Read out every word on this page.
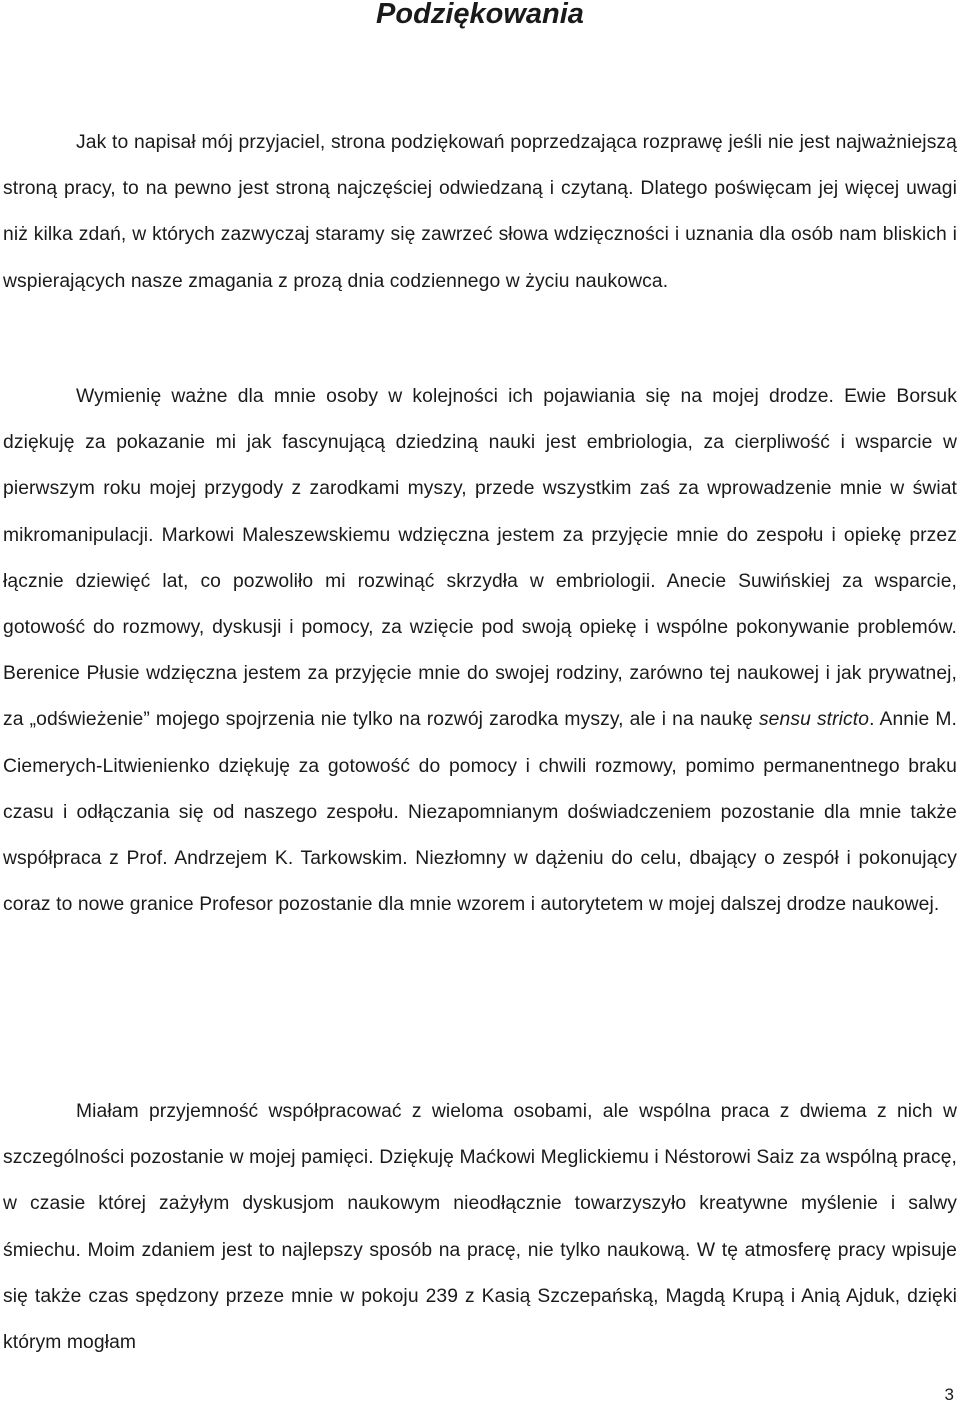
Podziękowania

Jak to napisał mój przyjaciel, strona podziękowań poprzedzająca rozprawę jeśli nie jest najważniejszą stroną pracy, to na pewno jest stroną najczęściej odwiedzaną i czytaną. Dlatego poświęcam jej więcej uwagi niż kilka zdań, w których zazwyczaj staramy się zawrzeć słowa wdzięczności i uznania dla osób nam bliskich i wspierających nasze zmagania z prozą dnia codziennego w życiu naukowca.

Wymienię ważne dla mnie osoby w kolejności ich pojawiania się na mojej drodze. Ewie Borsuk dziękuję za pokazanie mi jak fascynującą dziedziną nauki jest embriologia, za cierpliwość i wsparcie w pierwszym roku mojej przygody z zarodkami myszy, przede wszystkim zaś za wprowadzenie mnie w świat mikromanipulacji. Markowi Maleszewskiemu wdzięczna jestem za przyjęcie mnie do zespołu i opiekę przez łącznie dziewięć lat, co pozwoliło mi rozwinąć skrzydła w embriologii. Anecie Suwińskiej za wsparcie, gotowość do rozmowy, dyskusji i pomocy, za wzięcie pod swoją opiekę i wspólne pokonywanie problemów. Berenice Płusie wdzięczna jestem za przyjęcie mnie do swojej rodziny, zarówno tej naukowej i jak prywatnej, za „odświeżenie” mojego spojrzenia nie tylko na rozwój zarodka myszy, ale i na naukę sensu stricto. Annie M. Ciemerych-Litwienienko dziękuję za gotowość do pomocy i chwili rozmowy, pomimo permanentnego braku czasu i odłączania się od naszego zespołu. Niezapomnianym doświadczeniem pozostanie dla mnie także współpraca z Prof. Andrzejem K. Tarkowskim. Niezłomny w dążeniu do celu, dbający o zespół i pokonujący coraz to nowe granice Profesor pozostanie dla mnie wzorem i autorytetem w mojej dalszej drodze naukowej.

Miałam przyjemność współpracować z wieloma osobami, ale wspólna praca z dwiema z nich w szczególności pozostanie w mojej pamięci. Dziękuję Maćkowi Meglickiemu i Néstorowi Saiz za wspólną pracę, w czasie której zażyłym dyskusjom naukowym nieodłącznie towarzyszyło kreatywne myślenie i salwy śmiechu. Moim zdaniem jest to najlepszy sposób na pracę, nie tylko naukową. W tę atmosferę pracy wpisuje się także czas spędzony przeze mnie w pokoju 239 z Kasią Szczepańską, Magdą Krupą i Anią Ajduk, dzięki którym mogłam

3
